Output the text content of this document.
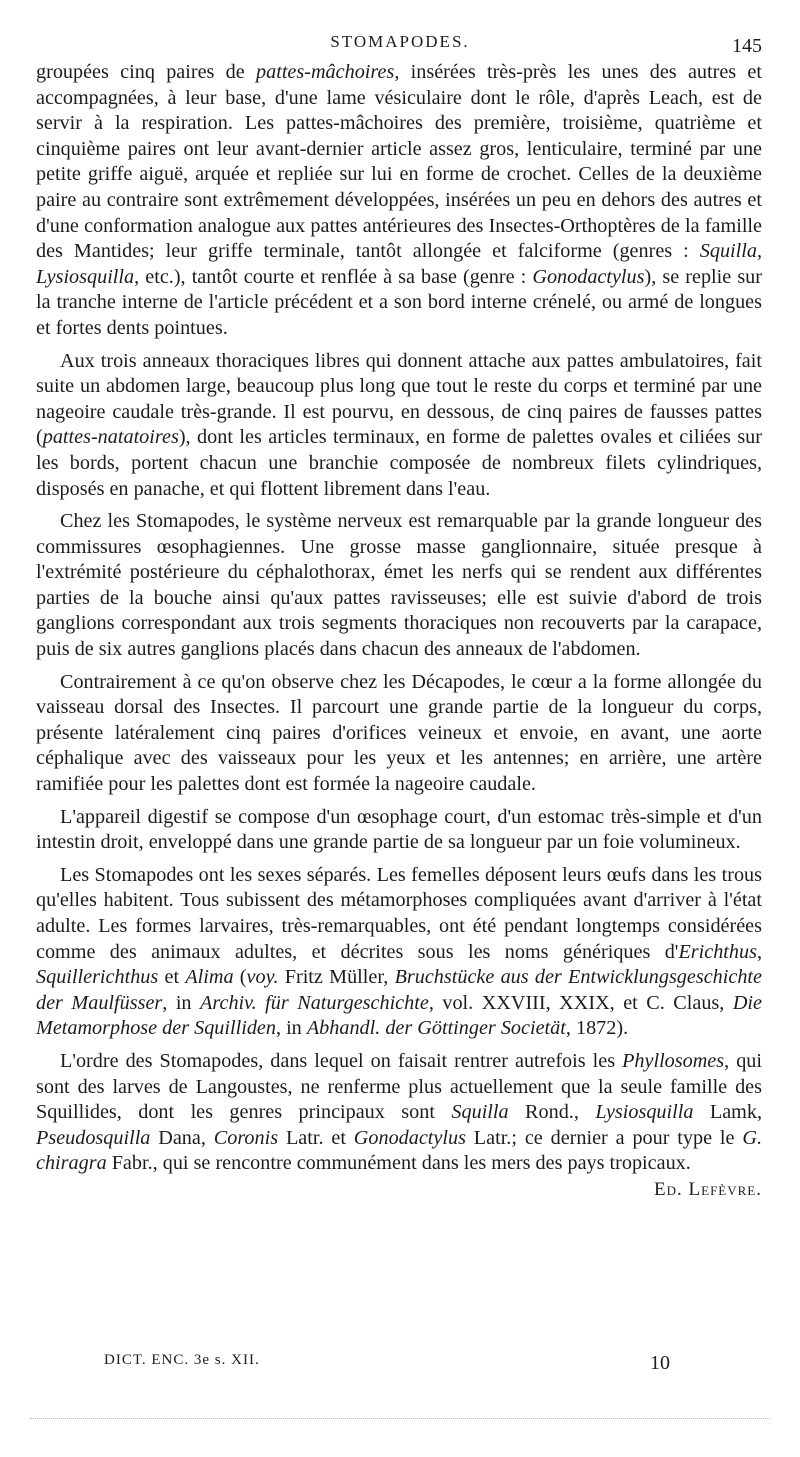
STOMAPODES.	145

groupées cinq paires de pattes-mâchoires, insérées très-près les unes des autres et accompagnées, à leur base, d'une lame vésiculaire dont le rôle, d'après Leach, est de servir à la respiration. Les pattes-mâchoires des première, troisième, quatrième et cinquième paires ont leur avant-dernier article assez gros, lenticulaire, terminé par une petite griffe aiguë, arquée et repliée sur lui en forme de crochet. Celles de la deuxième paire au contraire sont extrêmement développées, insérées un peu en dehors des autres et d'une conformation analogue aux pattes antérieures des Insectes-Orthoptères de la famille des Mantides; leur griffe terminale, tantôt allongée et falciforme (genres : Squilla, Lysiosquilla, etc.), tantôt courte et renflée à sa base (genre : Gonodactylus), se replie sur la tranche interne de l'article précédent et a son bord interne crénelé, ou armé de longues et fortes dents pointues.

Aux trois anneaux thoraciques libres qui donnent attache aux pattes ambulatoires, fait suite un abdomen large, beaucoup plus long que tout le reste du corps et terminé par une nageoire caudale très-grande. Il est pourvu, en dessous, de cinq paires de fausses pattes (pattes-natatoires), dont les articles terminaux, en forme de palettes ovales et ciliées sur les bords, portent chacun une branchie composée de nombreux filets cylindriques, disposés en panache, et qui flottent librement dans l'eau.

Chez les Stomapodes, le système nerveux est remarquable par la grande longueur des commissures œsophagiennes. Une grosse masse ganglionnaire, située presque à l'extrémité postérieure du céphalothorax, émet les nerfs qui se rendent aux différentes parties de la bouche ainsi qu'aux pattes ravisseuses; elle est suivie d'abord de trois ganglions correspondant aux trois segments thoraciques non recouverts par la carapace, puis de six autres ganglions placés dans chacun des anneaux de l'abdomen.

Contrairement à ce qu'on observe chez les Décapodes, le cœur a la forme allongée du vaisseau dorsal des Insectes. Il parcourt une grande partie de la longueur du corps, présente latéralement cinq paires d'orifices veineux et envoie, en avant, une aorte céphalique avec des vaisseaux pour les yeux et les antennes; en arrière, une artère ramifiée pour les palettes dont est formée la nageoire caudale.

L'appareil digestif se compose d'un œsophage court, d'un estomac très-simple et d'un intestin droit, enveloppé dans une grande partie de sa longueur par un foie volumineux.

Les Stomapodes ont les sexes séparés. Les femelles déposent leurs œufs dans les trous qu'elles habitent. Tous subissent des métamorphoses compliquées avant d'arriver à l'état adulte. Les formes larvaires, très-remarquables, ont été pendant longtemps considérées comme des animaux adultes, et décrites sous les noms génériques d'Erichthus, Squillerichthus et Alima (voy. Fritz Müller, Bruchstücke aus der Entwicklungsgeschichte der Maulfüsser, in Archiv. für Naturgeschichte, vol. XXVIII, XXIX, et C. Claus, Die Metamorphose der Squilliden, in Abhandl. der Göttinger Societät, 1872).

L'ordre des Stomapodes, dans lequel on faisait rentrer autrefois les Phyllosomes, qui sont des larves de Langoustes, ne renferme plus actuellement que la seule famille des Squillides, dont les genres principaux sont Squilla Rond., Lysiosquilla Lamk, Pseudosquilla Dana, Coronis Latr. et Gonodactylus Latr.; ce dernier a pour type le G. chiragra Fabr., qui se rencontre communément dans les mers des pays tropicaux.
Ed. Lefèvre.

DICT. ENC. 3e s. XII.	10
